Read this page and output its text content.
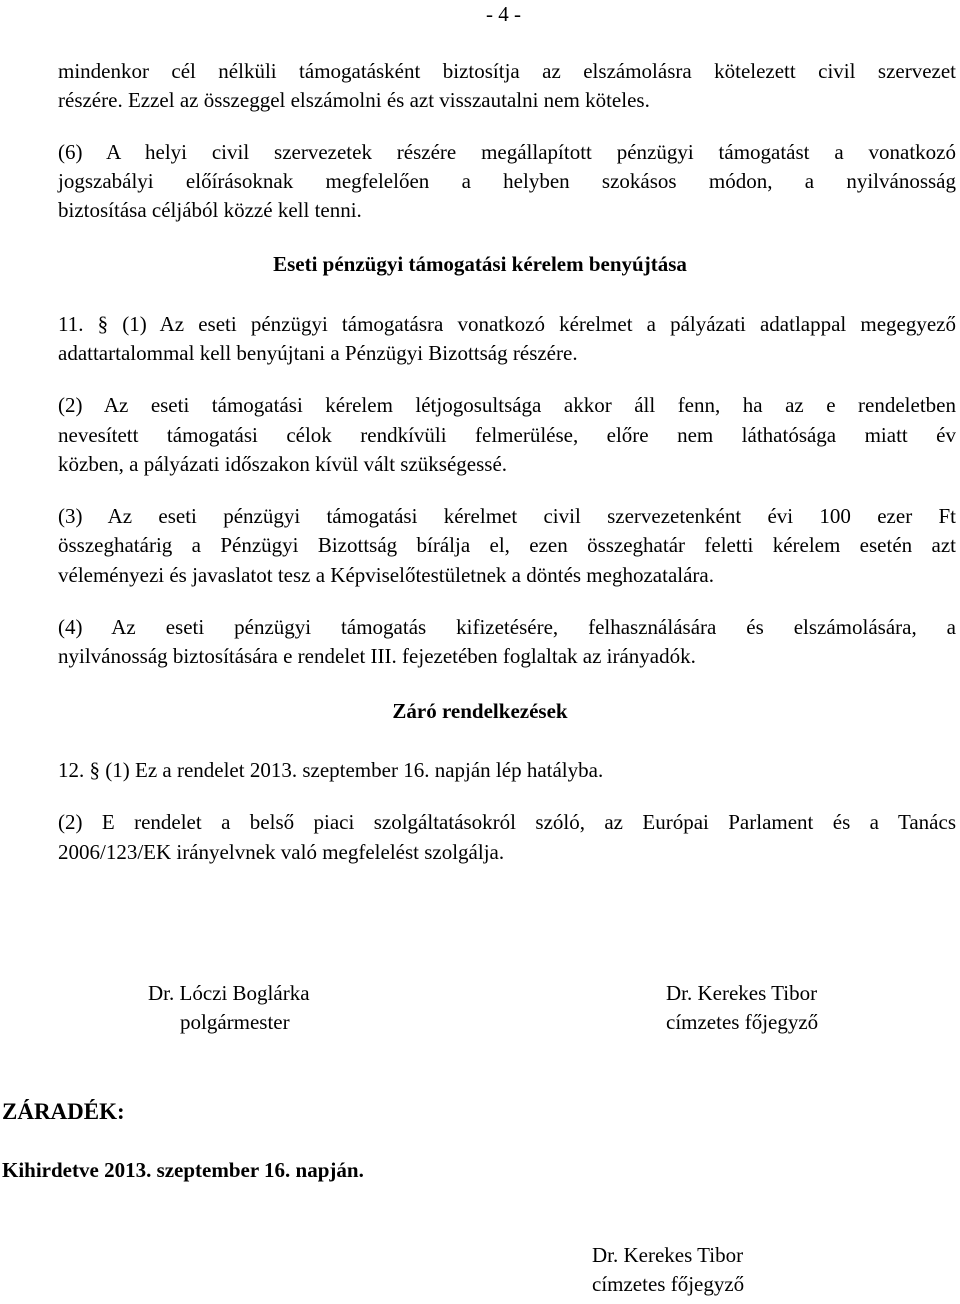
- 4 -
mindenkor cél nélküli támogatásként biztosítja az elszámolásra kötelezett civil szervezet
részére. Ezzel az összeggel elszámolni és azt visszautalni nem köteles.
(6) A helyi civil szervezetek részére megállapított pénzügyi támogatást a vonatkozó
jogszabályi előírásoknak megfelelően a helyben szokásos módon, a nyilvánosság
biztosítása céljából közzé kell tenni.
Eseti pénzügyi támogatási kérelem benyújtása
11. § (1) Az eseti pénzügyi támogatásra vonatkozó kérelmet a pályázati adatlappal megegyező
adattartalommal kell benyújtani a Pénzügyi Bizottság részére.
(2) Az eseti támogatási kérelem létjogosultsága akkor áll fenn, ha az e rendeletben
nevesített támogatási célok rendkívüli felmerülése, előre nem láthatósága miatt év
közben, a pályázati időszakon kívül vált szükségessé.
(3) Az eseti pénzügyi támogatási kérelmet civil szervezetenként évi 100 ezer Ft
összeghatárig a Pénzügyi Bizottság bírálja el, ezen összeghatár feletti kérelem esetén azt
véleményezi és javaslatot tesz a Képviselőtestületnek a döntés meghozatalára.
(4) Az eseti pénzügyi támogatás kifizetésére, felhasználására és elszámolására, a
nyilvánosság biztosítására e rendelet III. fejezetében foglaltak az irányadók.
Záró rendelkezések
12. § (1) Ez a rendelet 2013. szeptember 16. napján lép hatályba.
(2) E rendelet a belső piaci szolgáltatásokról szóló, az Európai Parlament és a Tanács
2006/123/EK irányelvnek való megfelelést szolgálja.
Dr. Lóczi Boglárka
polgármester
Dr. Kerekes Tibor
címzetes főjegyző
ZÁRADÉK:
Kihirdetve 2013. szeptember 16. napján.
Dr. Kerekes Tibor
címzetes főjegyző
